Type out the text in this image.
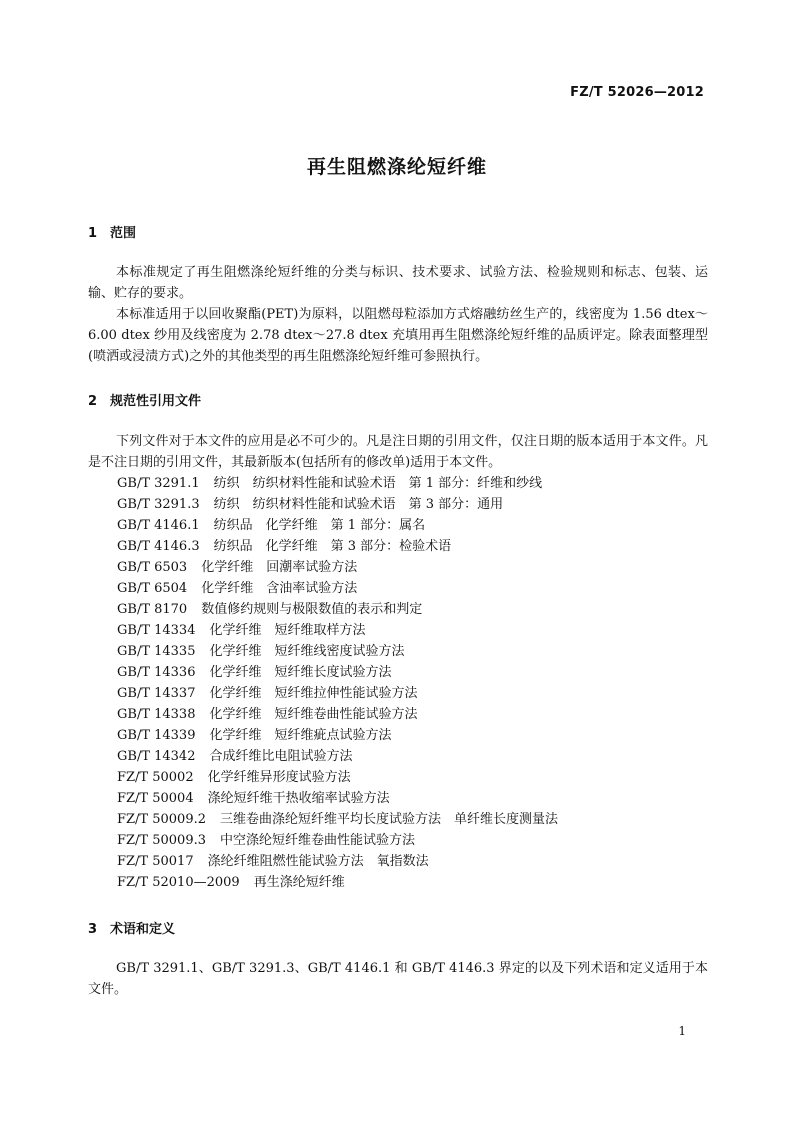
FZ/T 52026—2012
再生阻燃涤纶短纤维
1 范围
本标准规定了再生阻燃涤纶短纤维的分类与标识、技术要求、试验方法、检验规则和标志、包装、运输、贮存的要求。
本标准适用于以回收聚酯(PET)为原料，以阻燃母粒添加方式熔融纺丝生产的，线密度为 1.56 dtex～6.00 dtex 纱用及线密度为 2.78 dtex～27.8 dtex 充填用再生阻燃涤纶短纤维的品质评定。除表面整理型(喷洒或浸渍方式)之外的其他类型的再生阻燃涤纶短纤维可参照执行。
2 规范性引用文件
下列文件对于本文件的应用是必不可少的。凡是注日期的引用文件，仅注日期的版本适用于本文件。凡是不注日期的引用文件，其最新版本(包括所有的修改单)适用于本文件。
GB/T 3291.1 纺织　纺织材料性能和试验术语　第 1 部分：纤维和纱线
GB/T 3291.3 纺织　纺织材料性能和试验术语　第 3 部分：通用
GB/T 4146.1 纺织品　化学纤维　第 1 部分：属名
GB/T 4146.3 纺织品　化学纤维　第 3 部分：检验术语
GB/T 6503 化学纤维　回潮率试验方法
GB/T 6504 化学纤维　含油率试验方法
GB/T 8170 数值修约规则与极限数值的表示和判定
GB/T 14334 化学纤维　短纤维取样方法
GB/T 14335 化学纤维　短纤维线密度试验方法
GB/T 14336 化学纤维　短纤维长度试验方法
GB/T 14337 化学纤维　短纤维拉伸性能试验方法
GB/T 14338 化学纤维　短纤维卷曲性能试验方法
GB/T 14339 化学纤维　短纤维疵点试验方法
GB/T 14342 合成纤维比电阻试验方法
FZ/T 50002 化学纤维异形度试验方法
FZ/T 50004 涤纶短纤维干热收缩率试验方法
FZ/T 50009.2 三维卷曲涤纶短纤维平均长度试验方法　单纤维长度测量法
FZ/T 50009.3 中空涤纶短纤维卷曲性能试验方法
FZ/T 50017 涤纶纤维阻燃性能试验方法　氧指数法
FZ/T 52010—2009 再生涤纶短纤维
3 术语和定义
GB/T 3291.1、GB/T 3291.3、GB/T 4146.1 和 GB/T 4146.3 界定的以及下列术语和定义适用于本文件。
1
